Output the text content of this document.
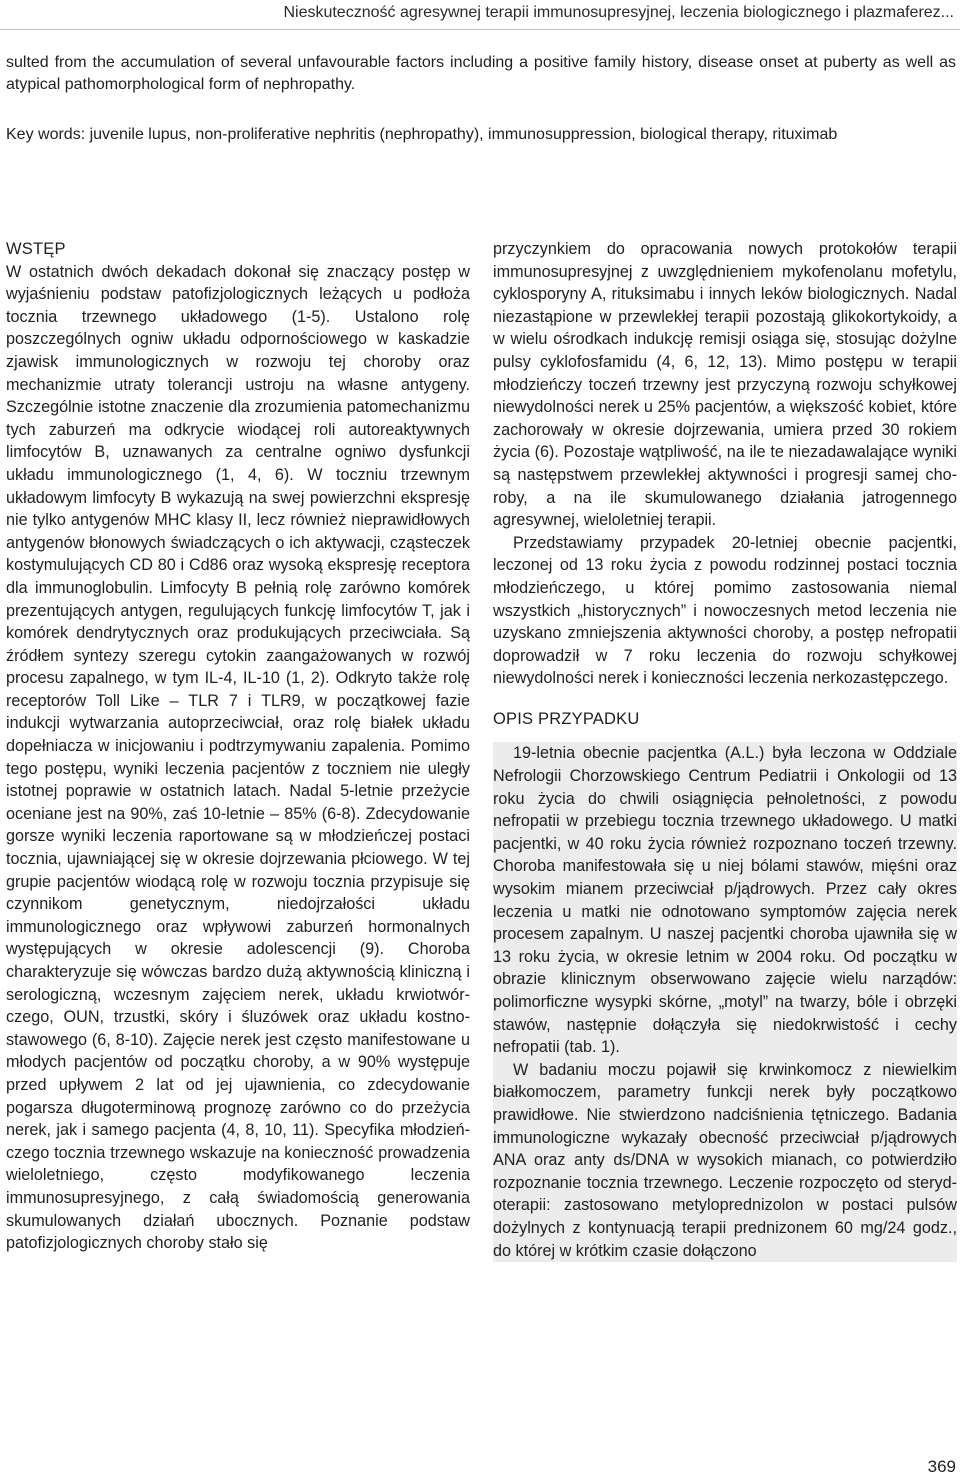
Nieskuteczność agresywnej terapii immunosupresyjnej, leczenia biologicznego i plazmaferez...

sulted from the accumulation of several unfavourable factors including a positive family history, disease onset at puberty as well as atypical pathomorphological form of nephropathy.

Key words: juvenile lupus, non-proliferative nephritis (nephropathy), immunosuppression, biological therapy, rituximab

WSTĘP

W ostatnich dwóch dekadach dokonał się znaczący postęp w wyjaśnieniu podstaw patofizjologicznych leżących u podłoża tocznia trzewnego układowego (1-5). Ustalono rolę poszczególnych ogniw układu odpornościowego w kaskadzie zjawisk immunologicznych w rozwoju tej choroby oraz mechanizmie utraty tolerancji ustroju na własne antygeny. Szczególnie istotne znaczenie dla zrozumienia patomechanizmu tych zaburzeń ma odkrycie wiodącej roli autoreaktywnych limfocytów B, uznawanych za centralne ogniwo dysfunkcji układu immunologicznego (1, 4, 6). W toczniu trzewnym układowym limfocyty B wykazują na swej powierzchni ekspresję nie tylko antygenów MHC klasy II, lecz również nieprawidłowych antygenów błonowych świadczących o ich aktywacji, cząsteczek kostymulujących CD 80 i Cd86 oraz wysoką ekspresję receptora dla immunoglobulin. Limfocyty B pełnią rolę zarówno komórek prezentujących antygen, regulujących funkcję limfocytów T, jak i komórek dendrytycznych oraz produkujących przeciwciała. Są źródłem syntezy szeregu cytokin zaangażowanych w rozwój procesu zapalnego, w tym IL-4, IL-10 (1, 2). Odkryto także rolę receptorów Toll Like – TLR 7 i TLR9, w początkowej fazie indukcji wytwarzania autoprzeciwciał, oraz rolę białek układu dopełniacza w inicjowaniu i podtrzymywaniu zapalenia. Pomimo tego postępu, wyniki leczenia pacjentów z toczniem nie uległy istotnej poprawie w ostatnich latach. Nadal 5-letnie przeżycie oceniane jest na 90%, zaś 10-letnie – 85% (6-8). Zdecydowanie gorsze wyniki leczenia raportowane są w młodzieńczej postaci tocznia, ujawniającej się w okresie dojrzewania płciowego. W tej grupie pacjentów wiodącą rolę w rozwoju tocznia przypisuje się czynnikom genetycznym, niedojrzałości układu immunologicznego oraz wpływowi zaburzeń hormonalnych występujących w okresie adolescencji (9). Choroba charakteryzuje się wówczas bardzo dużą aktywnością kliniczną i serologiczną, wczesnym zajęciem nerek, układu krwiotwórczego, OUN, trzustki, skóry i śluzówek oraz układu kostno-stawowego (6, 8-10). Zajęcie nerek jest często manifestowane u młodych pacjentów od początku choroby, a w 90% występuje przed upływem 2 lat od jej ujawnienia, co zdecydowanie pogarsza długoterminową prognozę zarówno co do przeżycia nerek, jak i samego pacjenta (4, 8, 10, 11). Specyfika młodzieńczego tocznia trzewnego wskazuje na konieczność prowadzenia wieloletniego, często modyfikowanego leczenia immunosupresyjnego, z całą świadomością generowania skumulowanych działań ubocznych. Poznanie podstaw patofizjologicznych choroby stało się

przyczynkiem do opracowania nowych protokołów terapii immunosupresyjnej z uwzględnieniem mykofenolanu mofetylu, cyklosporyny A, rituksimabu i innych leków biologicznych. Nadal niezastąpione w przewlekłej terapii pozostają glikokortykoidy, a w wielu ośrodkach indukcję remisji osiąga się, stosując dożylne pulsy cyklofosfamidu (4, 6, 12, 13). Mimo postępu w terapii młodzieńczy toczeń trzewny jest przyczyną rozwoju schyłkowej niewydolności nerek u 25% pacjentów, a większość kobiet, które zachorowały w okresie dojrzewania, umiera przed 30 rokiem życia (6). Pozostaje wątpliwość, na ile te niezadawalające wyniki są następstwem przewlekłej aktywności i progresji samej choroby, a na ile skumulowanego działania jatrogennego agresywnej, wieloletniej terapii.

Przedstawiamy przypadek 20-letniej obecnie pacjentki, leczonej od 13 roku życia z powodu rodzinnej postaci tocznia młodzieńczego, u której pomimo zastosowania niemal wszystkich „historycznych” i nowoczesnych metod leczenia nie uzyskano zmniejszenia aktywności choroby, a postęp nefropatii doprowadził w 7 roku leczenia do rozwoju schyłkowej niewydolności nerek i konieczności leczenia nerkozastępczego.

OPIS PRZYPADKU

19-letnia obecnie pacjentka (A.L.) była leczona w Oddziale Nefrologii Chorzowskiego Centrum Pediatrii i Onkologii od 13 roku życia do chwili osiągnięcia pełnoletności, z powodu nefropatii w przebiegu tocznia trzewnego układowego. U matki pacjentki, w 40 roku życia również rozpoznano toczeń trzewny. Choroba manifestowała się u niej bólami stawów, mięśni oraz wysokim mianem przeciwciał p/jądrowych. Przez cały okres leczenia u matki nie odnotowano symptomów zajęcia nerek procesem zapalnym. U naszej pacjentki choroba ujawniła się w 13 roku życia, w okresie letnim w 2004 roku. Od początku w obrazie klinicznym obserwowano zajęcie wielu narządów: polimorficzne wysypki skórne, „motyl” na twarzy, bóle i obrzęki stawów, następnie dołączyła się niedokrwistość i cechy nefropatii (tab. 1).

W badaniu moczu pojawił się krwinkomocz z niewielkim białkomoczem, parametry funkcji nerek były początkowo prawidłowe. Nie stwierdzono nadciśnienia tętniczego. Badania immunologiczne wykazały obecność przeciwciał p/jądrowych ANA oraz anty ds/DNA w wysokich mianach, co potwierdziło rozpoznanie tocznia trzewnego. Leczenie rozpoczęto od sterydoterapii: zastosowano metyloprednizolon w postaci pulsów dożylnych z kontynuacją terapii prednizonem 60 mg/24 godz., do której w krótkim czasie dołączono

369
